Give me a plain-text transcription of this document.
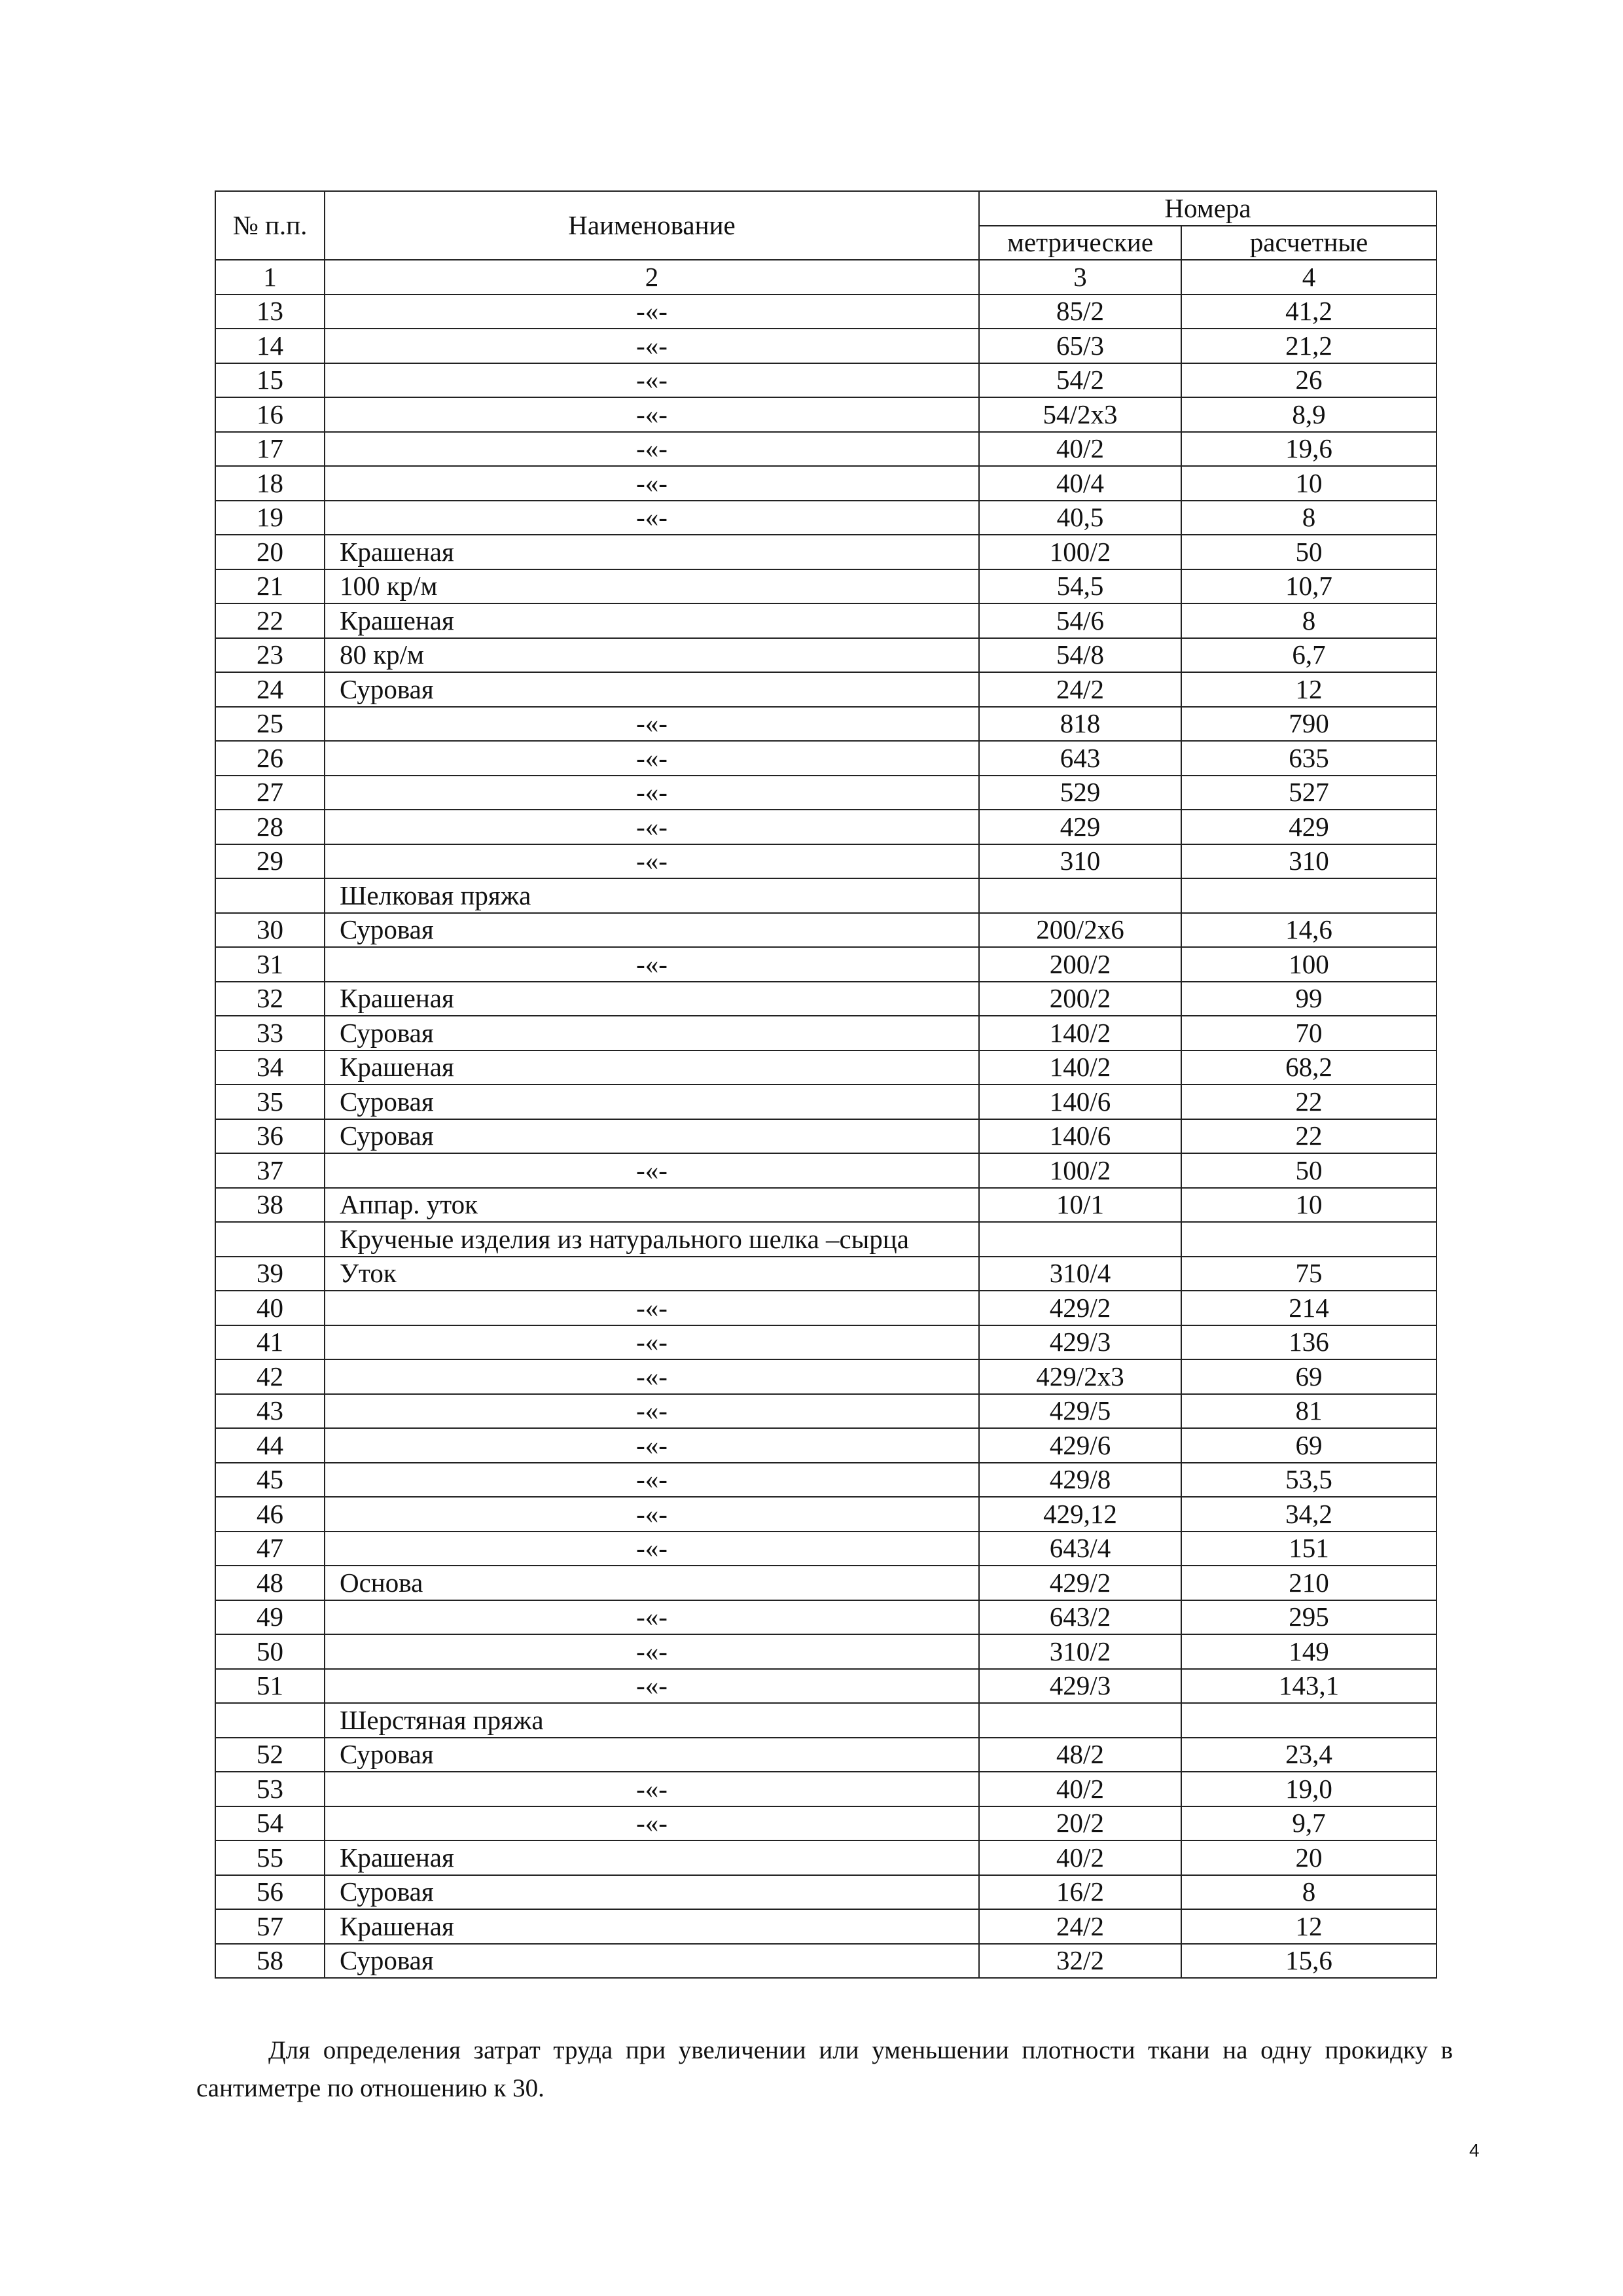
№ п.п.	Наименование	Номера	
		метрические	расчетные
1	2	3	4
13	-«-	85/2	41,2
14	-«-	65/3	21,2
15	-«-	54/2	26
16	-«-	54/2х3	8,9
17	-«-	40/2	19,6
18	-«-	40/4	10
19	-«-	40,5	8
20	Крашеная	100/2	50
21	100 кр/м	54,5	10,7
22	Крашеная	54/6	8
23	80 кр/м	54/8	6,7
24	Суровая	24/2	12
25	-«-	818	790
26	-«-	643	635
27	-«-	529	527
28	-«-	429	429
29	-«-	310	310
	Шелковая пряжа		
30	Суровая	200/2х6	14,6
31	-«-	200/2	100
32	Крашеная	200/2	99
33	Суровая	140/2	70
34	Крашеная	140/2	68,2
35	Суровая	140/6	22
36	Суровая	140/6	22
37	-«-	100/2	50
38	Аппар. уток	10/1	10
	Крученые изделия из натурального шелка –сырца		
39	Уток	310/4	75
40	-«-	429/2	214
41	-«-	429/3	136
42	-«-	429/2х3	69
43	-«-	429/5	81
44	-«-	429/6	69
45	-«-	429/8	53,5
46	-«-	429,12	34,2
47	-«-	643/4	151
48	Основа	429/2	210
49	-«-	643/2	295
50	-«-	310/2	149
51	-«-	429/3	143,1
	Шерстяная пряжа		
52	Суровая	48/2	23,4
53	-«-	40/2	19,0
54	-«-	20/2	9,7
55	Крашеная	40/2	20
56	Суровая	16/2	8
57	Крашеная	24/2	12
58	Суровая	32/2	15,6

Для определения затрат труда при увеличении или уменьшении плотности ткани на одну прокидку в сантиметре по отношению к 30.

4
